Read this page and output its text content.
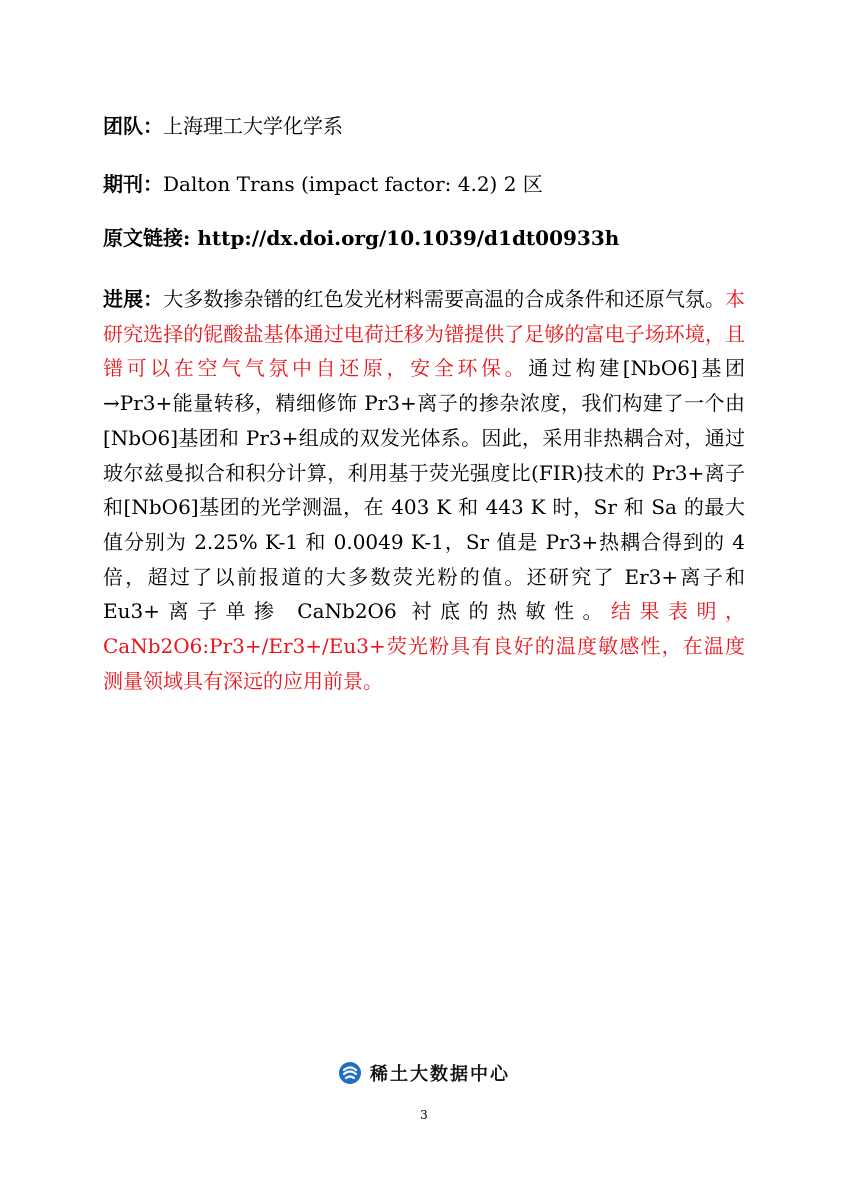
团队：上海理工大学化学系
期刊：Dalton Trans (impact factor: 4.2) 2 区
原文链接: http://dx.doi.org/10.1039/d1dt00933h
进展：大多数掺杂镨的红色发光材料需要高温的合成条件和还原气氛。本研究选择的铌酸盐基体通过电荷迁移为镨提供了足够的富电子场环境，且镨可以在空气气氛中自还原，安全环保。通过构建[NbO6]基团→Pr3+能量转移，精细修饰 Pr3+离子的掺杂浓度，我们构建了一个由[NbO6]基团和 Pr3+组成的双发光体系。因此，采用非热耦合对，通过玻尔兹曼拟合和积分计算，利用基于荧光强度比(FIR)技术的 Pr3+离子和[NbO6]基团的光学测温，在 403 K 和 443 K 时，Sr 和 Sa 的最大值分别为 2.25% K-1 和 0.0049 K-1，Sr 值是 Pr3+热耦合得到的 4 倍，超过了以前报道的大多数荧光粉的值。还研究了 Er3+离子和 Eu3+离子单掺 CaNb2O6 衬底的热敏性。结果表明，CaNb2O6:Pr3+/Er3+/Eu3+荧光粉具有良好的温度敏感性，在温度测量领域具有深远的应用前景。
稀土大数据中心
3
